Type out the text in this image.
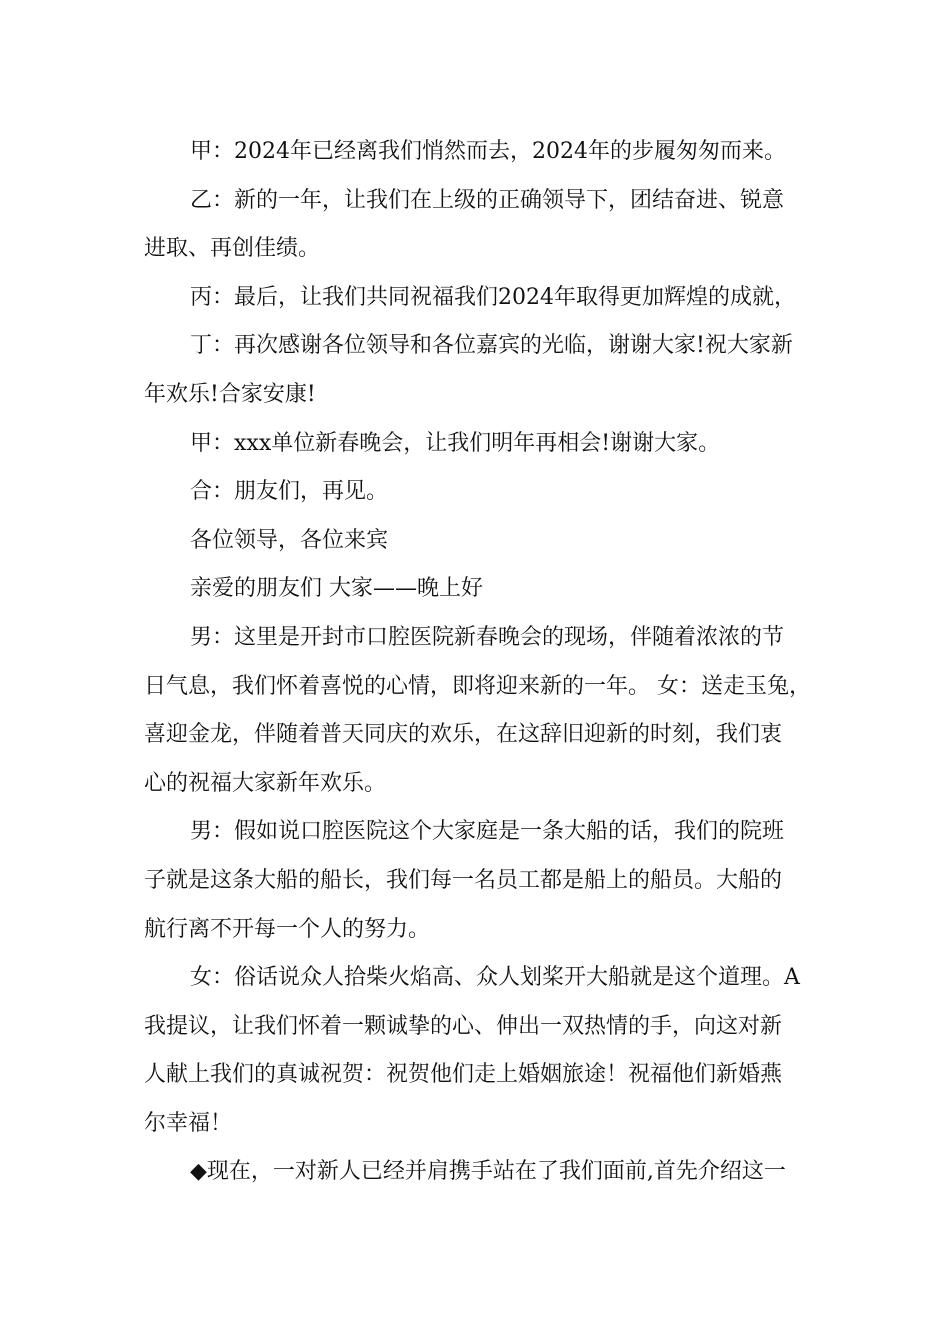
甲：2024年已经离我们悄然而去，2024年的步履匆匆而来。
乙：新的一年，让我们在上级的正确领导下，团结奋进、锐意
进取、再创佳绩。
丙：最后，让我们共同祝福我们2024年取得更加辉煌的成就，
丁：再次感谢各位领导和各位嘉宾的光临，谢谢大家!祝大家新
年欢乐!合家安康!
甲：xxx单位新春晚会，让我们明年再相会!谢谢大家。
合：朋友们，再见。
各位领导，各位来宾
亲爱的朋友们 大家——晚上好
男：这里是开封市口腔医院新春晚会的现场，伴随着浓浓的节
日气息，我们怀着喜悦的心情，即将迎来新的一年。 女：送走玉兔，
喜迎金龙，伴随着普天同庆的欢乐，在这辞旧迎新的时刻，我们衷
心的祝福大家新年欢乐。
男：假如说口腔医院这个大家庭是一条大船的话，我们的院班
子就是这条大船的船长，我们每一名员工都是船上的船员。大船的
航行离不开每一个人的努力。
女：俗话说众人拾柴火焰高、众人划桨开大船就是这个道理。A
我提议，让我们怀着一颗诚挚的心、伸出一双热情的手，向这对新
人献上我们的真诚祝贺：祝贺他们走上婚姻旅途！祝福他们新婚燕
尔幸福！
◆现在，一对新人已经并肩携手站在了我们面前,首先介绍这一
